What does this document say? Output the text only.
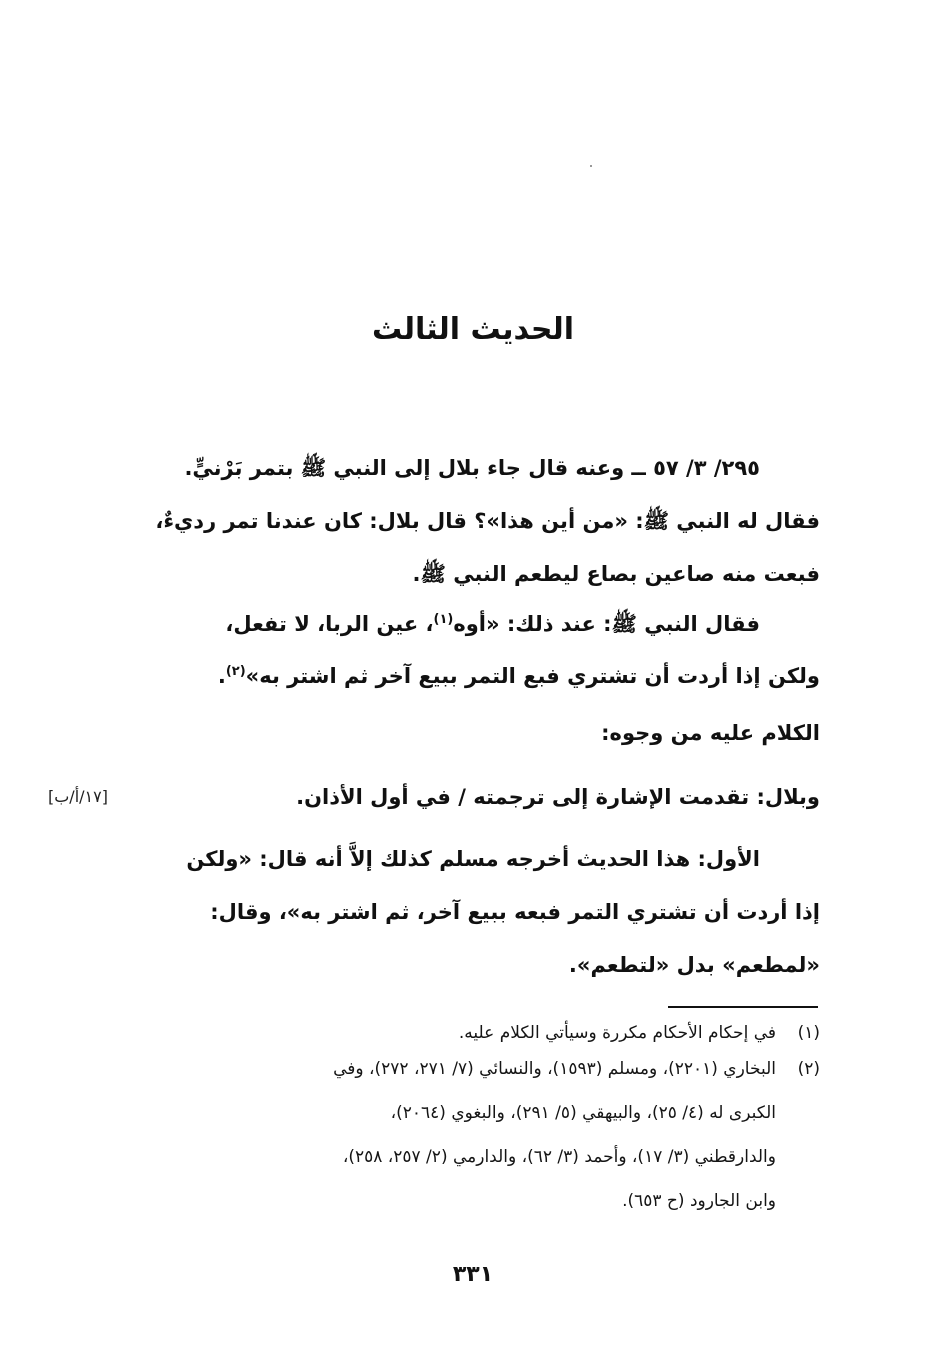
الحديث الثالث
٢٩٥/ ٣/ ٥٧ ــ وعنه قال جاء بلال إلى النبي ﷺ بتمر بَرْنيٍّ.
فقال له النبي ﷺ: «من أين هذا»؟ قال بلال: كان عندنا تمر رديءٌ،
فبعت منه صاعين بصاع ليطعم النبي ﷺ.
فقال النبي ﷺ: عند ذلك: «أوه$^{(١)}$، عين الربا، لا تفعل،
ولكن إذا أردت أن تشتري فبع التمر ببيع آخر ثم اشتر به»$^{(٢)}$.
الكلام عليه من وجوه:
وبلال: تقدمت الإشارة إلى ترجمته / في أول الأذان.
[١٧/أ/ب]
الأول: هذا الحديث أخرجه مسلم كذلك إلاَّ أنه قال: «ولكن
إذا أردت أن تشتري التمر فبعه ببيع آخر، ثم اشتر به»، وقال:
«لمطعم» بدل «لتطعم».
(١)
في إحكام الأحكام مكررة وسيأتي الكلام عليه.
(٢)
البخاري (٢٢٠١)، ومسلم (١٥٩٣)، والنسائي (٧/ ٢٧١، ٢٧٢)، وفي
الكبرى له (٤/ ٢٥)، والبيهقي (٥/ ٢٩١)، والبغوي (٢٠٦٤)،
والدارقطني (٣/ ١٧)، وأحمد (٣/ ٦٢)، والدارمي (٢/ ٢٥٧، ٢٥٨)،
وابن الجارود (ح ٦٥٣).
٣٣١
